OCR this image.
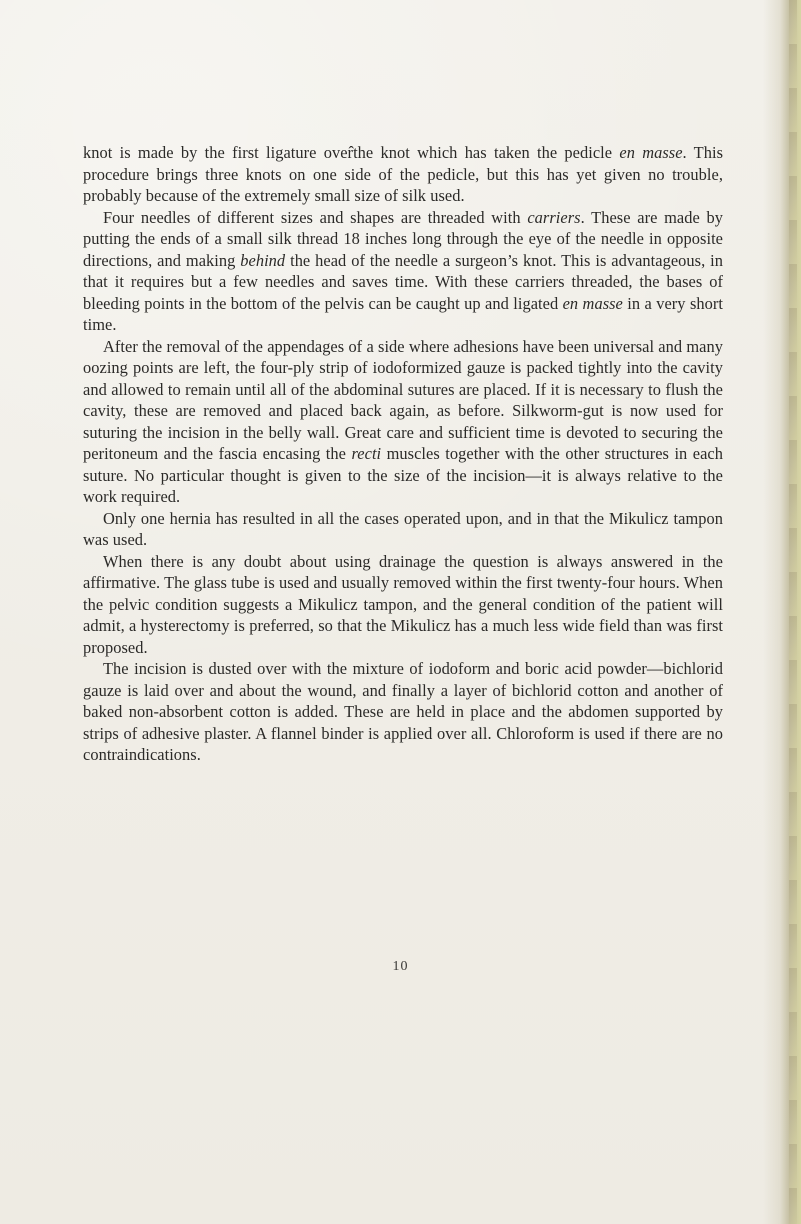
knot is made by the first ligature overthe knot which has taken the pedicle en masse. This procedure brings three knots on one side of the pedicle, but this has yet given no trouble, probably because of the extremely small size of silk used.

Four needles of different sizes and shapes are threaded with carriers. These are made by putting the ends of a small silk thread 18 inches long through the eye of the needle in opposite directions, and making behind the head of the needle a surgeon’s knot. This is advantageous, in that it requires but a few needles and saves time. With these carriers threaded, the bases of bleeding points in the bottom of the pelvis can be caught up and ligated en masse in a very short time.

After the removal of the appendages of a side where adhesions have been universal and many oozing points are left, the four-ply strip of iodoformized gauze is packed tightly into the cavity and allowed to remain until all of the abdominal sutures are placed. If it is necessary to flush the cavity, these are removed and placed back again, as before. Silkworm-gut is now used for suturing the incision in the belly wall. Great care and sufficient time is devoted to securing the peritoneum and the fascia encasing the recti muscles together with the other structures in each suture. No particular thought is given to the size of the incision—it is always relative to the work required.

Only one hernia has resulted in all the cases operated upon, and in that the Mikulicz tampon was used.

When there is any doubt about using drainage the question is always answered in the affirmative. The glass tube is used and usually removed within the first twenty-four hours. When the pelvic condition suggests a Mikulicz tampon, and the general condition of the patient will admit, a hysterectomy is preferred, so that the Mikulicz has a much less wide field than was first proposed.

The incision is dusted over with the mixture of iodoform and boric acid powder—bichlorid gauze is laid over and about the wound, and finally a layer of bichlorid cotton and another of baked non-absorbent cotton is added. These are held in place and the abdomen supported by strips of adhesive plaster. A flannel binder is applied over all. Chloroform is used if there are no contraindications.

10
